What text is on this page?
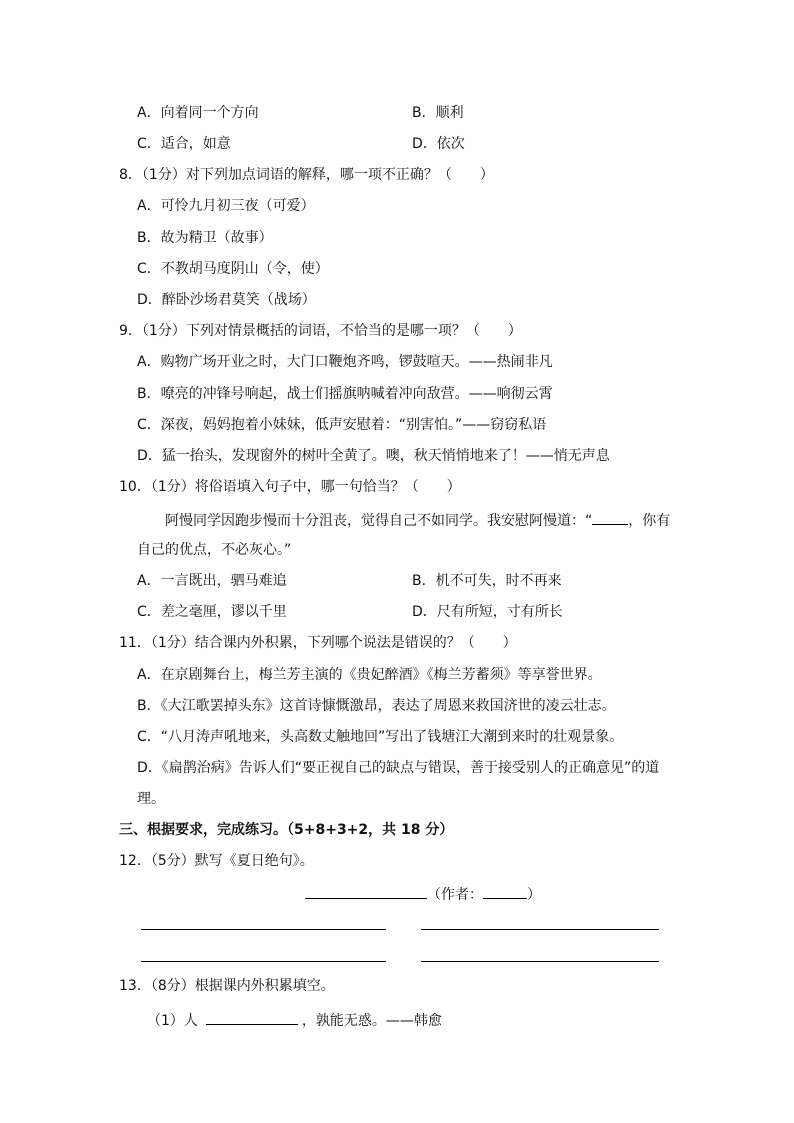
A．向着同一个方向	B．顺利
C．适合，如意	D．依次
8．（1分）对下列加点词语的解释，哪一项不正确？（　　）
A．可怜九月初三夜（可爱）
B．故为精卫（故事）
C．不教胡马度阴山（令，使）
D．醉卧沙场君莫笑（战场）
9．（1分）下列对情景概括的词语，不恰当的是哪一项？（　　）
A．购物广场开业之时，大门口鞭炮齐鸣，锣鼓喧天。——热闹非凡
B．嘹亮的冲锋号响起，战士们摇旗呐喊着冲向敌营。——响彻云霄
C．深夜，妈妈抱着小妹妹，低声安慰着：“别害怕。”——窃窃私语
D．猛一抬头，发现窗外的树叶全黄了。噢，秋天悄悄地来了！——悄无声息
10．（1分）将俗语填入句子中，哪一句恰当？（　　）
阿慢同学因跑步慢而十分沮丧，觉得自己不如同学。我安慰阿慢道：“	，你有
自己的优点，不必灰心。”
A．一言既出，驷马难追	B．机不可失，时不再来
C．差之毫厘，谬以千里	D．尺有所短，寸有所长
11．（1分）结合课内外积累，下列哪个说法是错误的？（　　）
A．在京剧舞台上，梅兰芳主演的《贵妃醉酒》《梅兰芳蓄须》等享誉世界。
B．《大江歌罢掉头东》这首诗慷慨激昂，表达了周恩来救国济世的凌云壮志。
C．“八月涛声吼地来，头高数丈触地回”写出了钱塘江大潮到来时的壮观景象。
D．《扁鹊治病》告诉人们“要正视自己的缺点与错误，善于接受别人的正确意见”的道
理。
三、根据要求，完成练习。（5+8+3+2，共 18 分）
12．（5分）默写《夏日绝句》。
（作者：	）
13．（8分）根据课内外积累填空。
（1）人	，孰能无惑。——韩愈
